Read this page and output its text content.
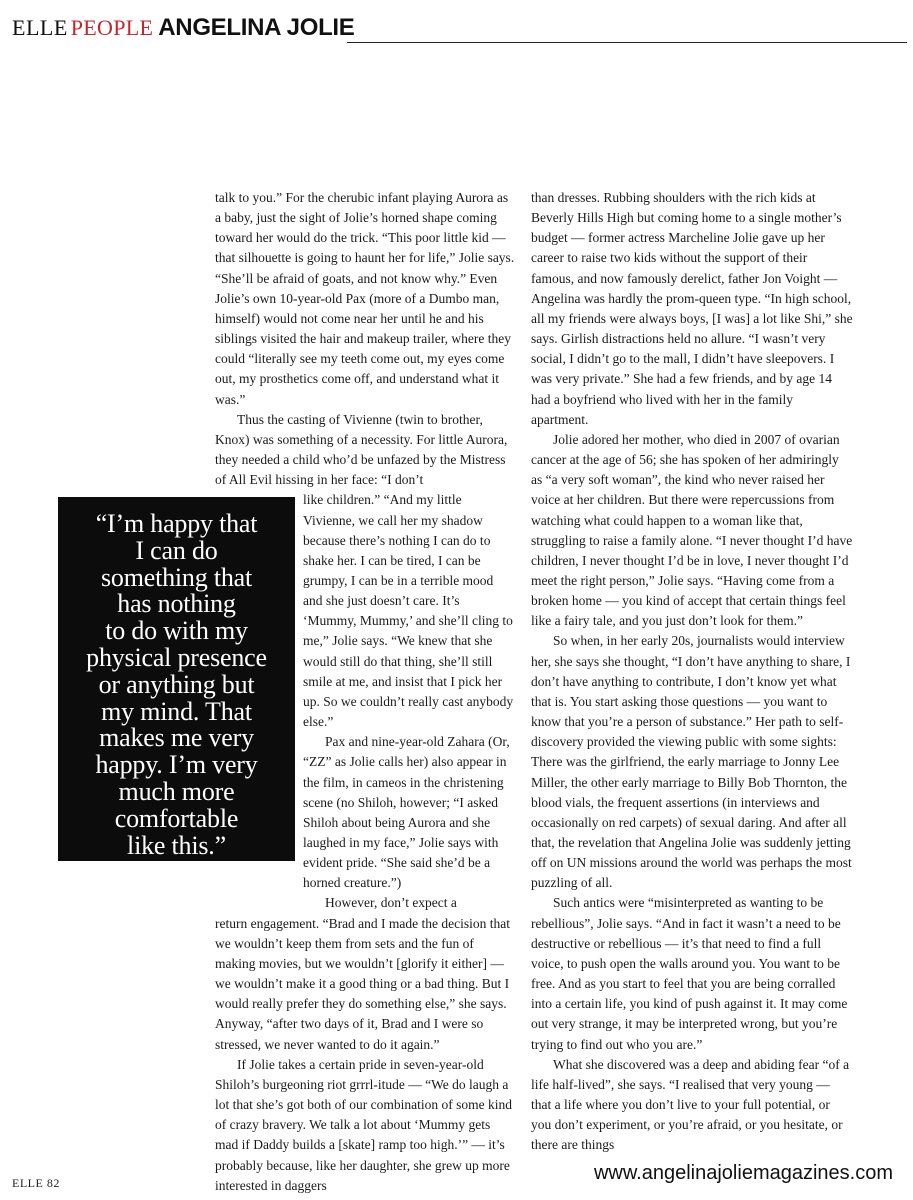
ELLE PEOPLE ANGELINA JOLIE

talk to you.” For the cherubic infant playing Aurora as a baby, just the sight of Jolie’s horned shape coming toward her would do the trick. “This poor little kid — that silhouette is going to haunt her for life,” Jolie says. “She’ll be afraid of goats, and not know why.” Even Jolie’s own 10-year-old Pax (more of a Dumbo man, himself) would not come near her until he and his siblings visited the hair and makeup trailer, where they could “literally see my teeth come out, my eyes come out, my prosthetics come off, and understand what it was.”

Thus the casting of Vivienne (twin to brother, Knox) was something of a necessity. For little Aurora, they needed a child who’d be unfazed by the Mistress of All Evil hissing in her face: “I don’t

like children.” “And my little Vivienne, we call her my shadow because there’s nothing I can do to shake her. I can be tired, I can be grumpy, I can be in a terrible mood and she just doesn’t care. It’s ‘Mummy, Mummy,’ and she’ll cling to me,” Jolie says. “We knew that she would still do that thing, she’ll still smile at me, and insist that I pick her up. So we couldn’t really cast anybody else.”

Pax and nine-year-old Zahara (Or, “ZZ” as Jolie calls her) also appear in the film, in cameos in the christening scene (no Shiloh, however; “I asked Shiloh about being Aurora and she laughed in my face,” Jolie says with evident pride. “She said she’d be a horned creature.”)

However, don’t expect a

return engagement. “Brad and I made the decision that we wouldn’t keep them from sets and the fun of making movies, but we wouldn’t [glorify it either] — we wouldn’t make it a good thing or a bad thing. But I would really prefer they do something else,” she says. Anyway, “after two days of it, Brad and I were so stressed, we never wanted to do it again.”

If Jolie takes a certain pride in seven-year-old Shiloh’s burgeoning riot grrrl-itude — “We do laugh a lot that she’s got both of our combination of some kind of crazy bravery. We talk a lot about ‘Mummy gets mad if Daddy builds a [skate] ramp too high.’” — it’s probably because, like her daughter, she grew up more interested in daggers

than dresses. Rubbing shoulders with the rich kids at Beverly Hills High but coming home to a single mother’s budget — former actress Marcheline Jolie gave up her career to raise two kids without the support of their famous, and now famously derelict, father Jon Voight — Angelina was hardly the prom-queen type. “In high school, all my friends were always boys, [I was] a lot like Shi,” she says. Girlish distractions held no allure. “I wasn’t very social, I didn’t go to the mall, I didn’t have sleepovers. I was very private.” She had a few friends, and by age 14 had a boyfriend who lived with her in the family apartment.

Jolie adored her mother, who died in 2007 of ovarian cancer at the age of 56; she has spoken of her admiringly as “a very soft woman”, the kind who never raised her voice at her children. But there were repercussions from watching what could happen to a woman like that, struggling to raise a family alone. “I never thought I’d have children, I never thought I’d be in love, I never thought I’d meet the right person,” Jolie says. “Having come from a broken home — you kind of accept that certain things feel like a fairy tale, and you just don’t look for them.”

So when, in her early 20s, journalists would interview her, she says she thought, “I don’t have anything to share, I don’t have anything to contribute, I don’t know yet what that is. You start asking those questions — you want to know that you’re a person of substance.” Her path to self-discovery provided the viewing public with some sights: There was the girlfriend, the early marriage to Jonny Lee Miller, the other early marriage to Billy Bob Thornton, the blood vials, the frequent assertions (in interviews and occasionally on red carpets) of sexual daring. And after all that, the revelation that Angelina Jolie was suddenly jetting off on UN missions around the world was perhaps the most puzzling of all.

Such antics were “misinterpreted as wanting to be rebellious”, Jolie says. “And in fact it wasn’t a need to be destructive or rebellious — it’s that need to find a full voice, to push open the walls around you. You want to be free. And as you start to feel that you are being corralled into a certain life, you kind of push against it. It may come out very strange, it may be interpreted wrong, but you’re trying to find out who you are.”

What she discovered was a deep and abiding fear “of a life half-lived”, she says. “I realised that very young — that a life where you don’t live to your full potential, or you don’t experiment, or you’re afraid, or you hesitate, or there are things

“I’m happy that
I can do
something that
has nothing
to do with my
physical presence
or anything but
my mind. That
makes me very
happy. I’m very
much more
comfortable
like this.”
ELLE 82	www.angelinajoliemagazines.com
